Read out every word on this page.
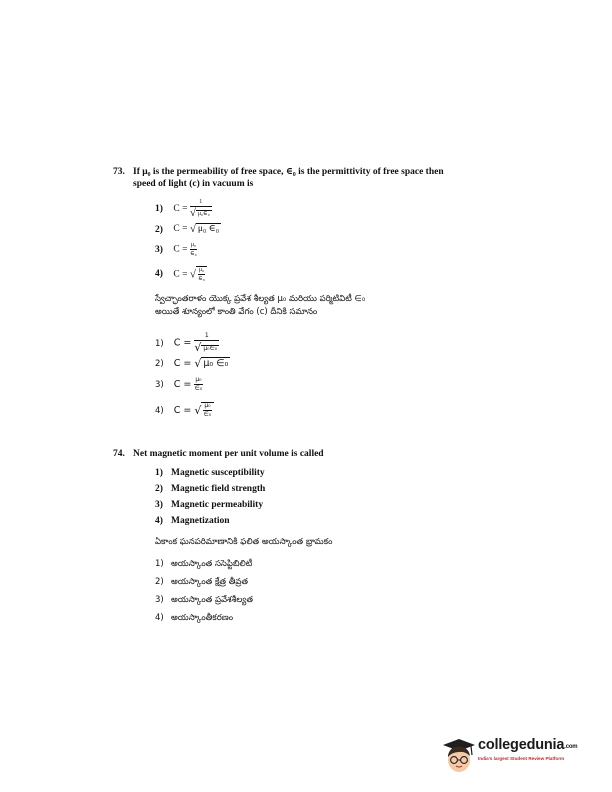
73. If μ₀ is the permeability of free space, ∈₀ is the permittivity of free space then
speed of light (c) in vacuum is
1) $C = \frac{1}{\text{√ μ₀∈₀}}$
2) C = √ μ₀ ∈₀
3) $C = \frac{\text{μ₀}}{\text{∈₀}}$
4) C = √ $\frac{\text{μ₀}}{\text{∈₀}}$
స్వేచ్ఛాంతరాళం యొక్క ప్రవేశ శీల్యత μ₀ మరియు పర్మిటివిటీ ∈₀
అయితే శూన్యంలో కాంతి వేగం (c) దీనికి సమానం
1) $C = \frac{1}{\text{√ μ₀∈₀}}$
2) C = √ μ₀ ∈₀
3) $C = \frac{\text{μ₀}}{\text{∈₀}}$
4) C = √ $\frac{\text{μ₀}}{\text{∈₀}}$
74. Net magnetic moment per unit volume is called
1) Magnetic susceptibility
2) Magnetic field strength
3) Magnetic permeability
4) Magnetization
ఏకాంక ఘనపరిమాణానికి ఫలిత అయస్కాంత భ్రామకం
1) అయస్కాంత ససెప్టిబిలిటీ
2) అయస్కాంత క్షేత్ర తీవ్రత
3) అయస్కాంత ప్రవేశశీల్యత
4) అయస్కాంతీకరణం
collegedunia.com
India's largest Student Review Platform
